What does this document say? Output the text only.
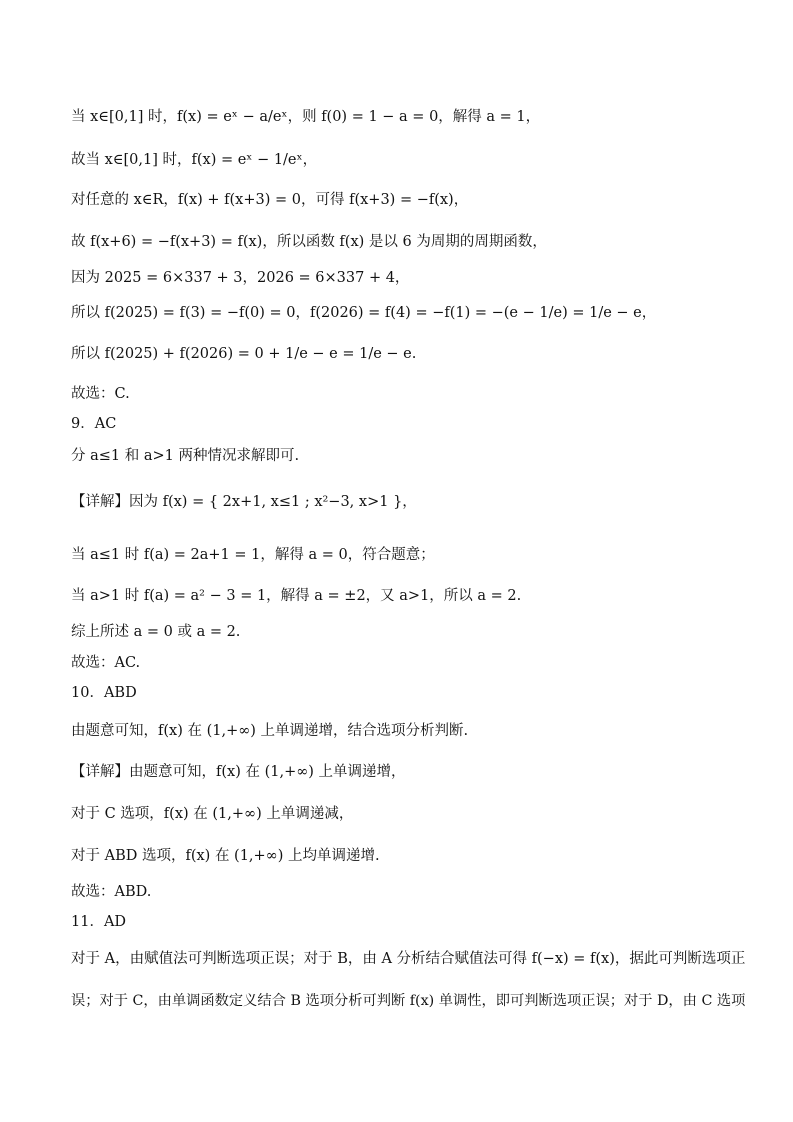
当 x∈[0,1] 时，f(x) = eˣ − a/eˣ，则 f(0) = 1 − a = 0，解得 a = 1，
故当 x∈[0,1] 时，f(x) = eˣ − 1/eˣ，
对任意的 x∈R，f(x) + f(x+3) = 0，可得 f(x+3) = −f(x)，
故 f(x+6) = −f(x+3) = f(x)，所以函数 f(x) 是以 6 为周期的周期函数，
因为 2025 = 6×337 + 3，2026 = 6×337 + 4，
所以 f(2025) = f(3) = −f(0) = 0，f(2026) = f(4) = −f(1) = −(e − 1/e) = 1/e − e，
所以 f(2025) + f(2026) = 0 + 1/e − e = 1/e − e.
故选：C.
9．AC
分 a≤1 和 a>1 两种情况求解即可.
【详解】因为 f(x) = { 2x+1, x≤1 ; x²−3, x>1 }，
当 a≤1 时 f(a) = 2a+1 = 1，解得 a = 0，符合题意；
当 a>1 时 f(a) = a² − 3 = 1，解得 a = ±2，又 a>1，所以 a = 2.
综上所述 a = 0 或 a = 2.
故选：AC.
10．ABD
由题意可知，f(x) 在 (1,+∞) 上单调递增，结合选项分析判断.
【详解】由题意可知，f(x) 在 (1,+∞) 上单调递增，
对于 C 选项，f(x) 在 (1,+∞) 上单调递减，
对于 ABD 选项，f(x) 在 (1,+∞) 上均单调递增.
故选：ABD.
11．AD
对于 A，由赋值法可判断选项正误；对于 B，由 A 分析结合赋值法可得 f(−x) = f(x)，据此可判断选项正
误；对于 C，由单调函数定义结合 B 选项分析可判断 f(x) 单调性，即可判断选项正误；对于 D，由 C 选项
